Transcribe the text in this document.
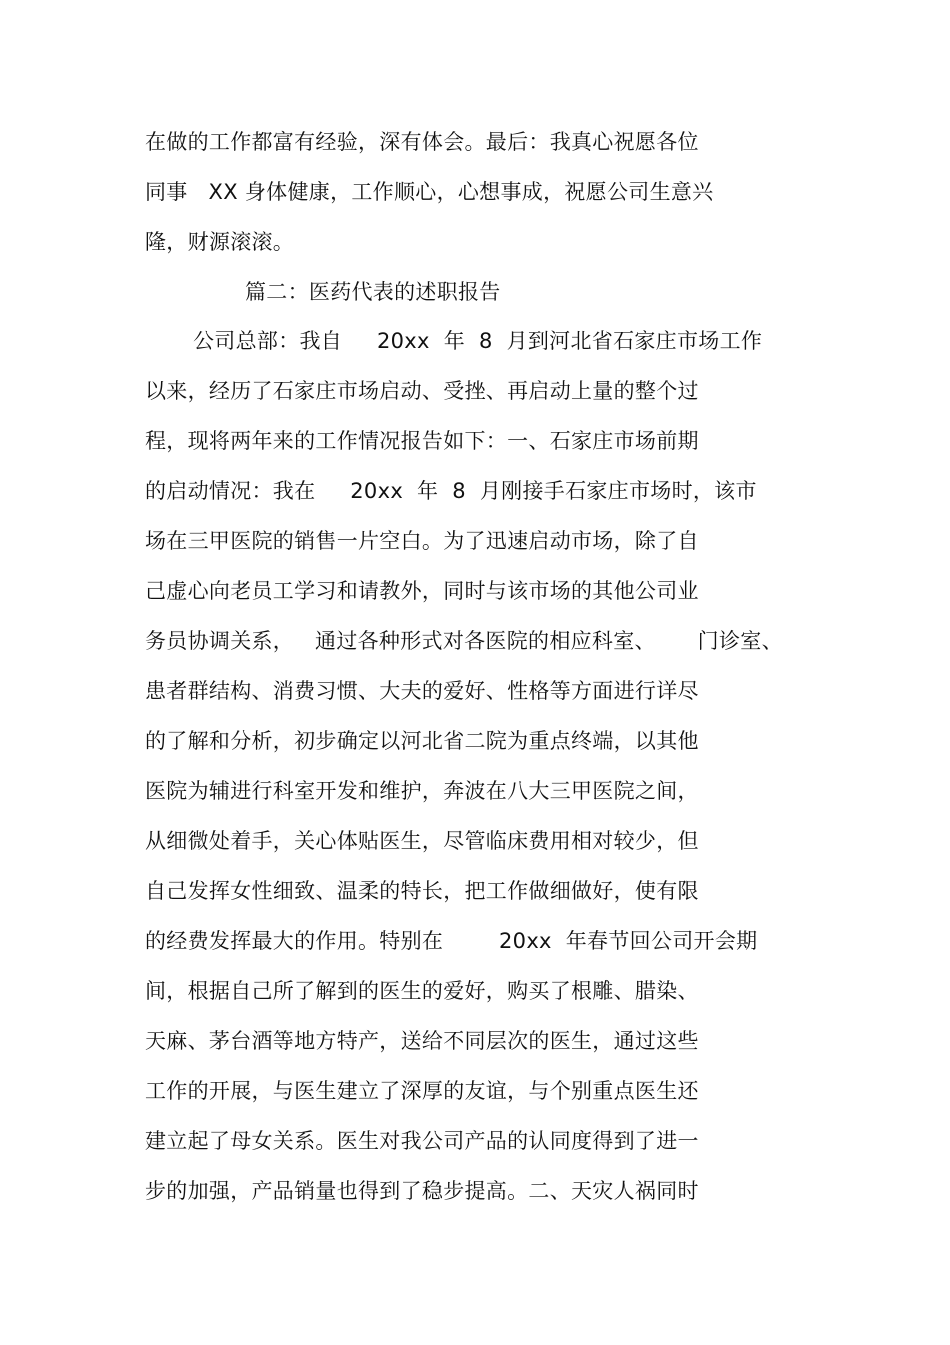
在做的工作都富有经验，深有体会。最后：我真心祝愿各位
同事   XX 身体健康，工作顺心，心想事成，祝愿公司生意兴
隆，财源滚滚。
篇二：医药代表的述职报告
公司总部：我自     20xx  年  8  月到河北省石家庄市场工作
以来，经历了石家庄市场启动、受挫、再启动上量的整个过
程，现将两年来的工作情况报告如下：一、石家庄市场前期
的启动情况：我在     20xx  年  8  月刚接手石家庄市场时，该市
场在三甲医院的销售一片空白。为了迅速启动市场，除了自
己虚心向老员工学习和请教外，同时与该市场的其他公司业
务员协调关系，   通过各种形式对各医院的相应科室、      门诊室、
患者群结构、消费习惯、大夫的爱好、性格等方面进行详尽
的了解和分析，初步确定以河北省二院为重点终端，以其他
医院为辅进行科室开发和维护，奔波在八大三甲医院之间，
从细微处着手，关心体贴医生，尽管临床费用相对较少，但
自己发挥女性细致、温柔的特长，把工作做细做好，使有限
的经费发挥最大的作用。特别在        20xx  年春节回公司开会期
间，根据自己所了解到的医生的爱好，购买了根雕、腊染、
天麻、茅台酒等地方特产，送给不同层次的医生，通过这些
工作的开展，与医生建立了深厚的友谊，与个别重点医生还
建立起了母女关系。医生对我公司产品的认同度得到了进一
步的加强，产品销量也得到了稳步提高。二、天灾人祸同时
